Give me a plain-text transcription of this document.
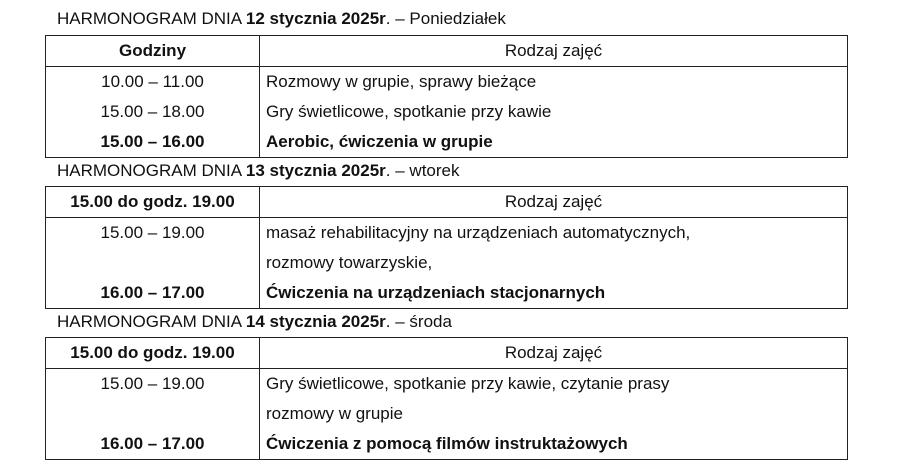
HARMONOGRAM DNIA 12 stycznia 2025r. – Poniedziałek
Godziny	Rodzaj zajęć
10.00 – 11.00	Rozmowy w grupie, sprawy bieżące
15.00 – 18.00	Gry świetlicowe, spotkanie przy kawie
15.00 – 16.00	Aerobic, ćwiczenia w grupie
HARMONOGRAM DNIA 13 stycznia 2025r. – wtorek
15.00 do godz. 19.00	Rodzaj zajęć
15.00 – 19.00	masaż rehabilitacyjny na urządzeniach automatycznych,
	rozmowy towarzyskie,
16.00 – 17.00	Ćwiczenia na urządzeniach stacjonarnych
HARMONOGRAM DNIA 14 stycznia 2025r. – środa
15.00 do godz. 19.00	Rodzaj zajęć
15.00 – 19.00	Gry świetlicowe, spotkanie przy kawie, czytanie prasy
	rozmowy w grupie
16.00 – 17.00	Ćwiczenia z pomocą filmów instruktażowych
